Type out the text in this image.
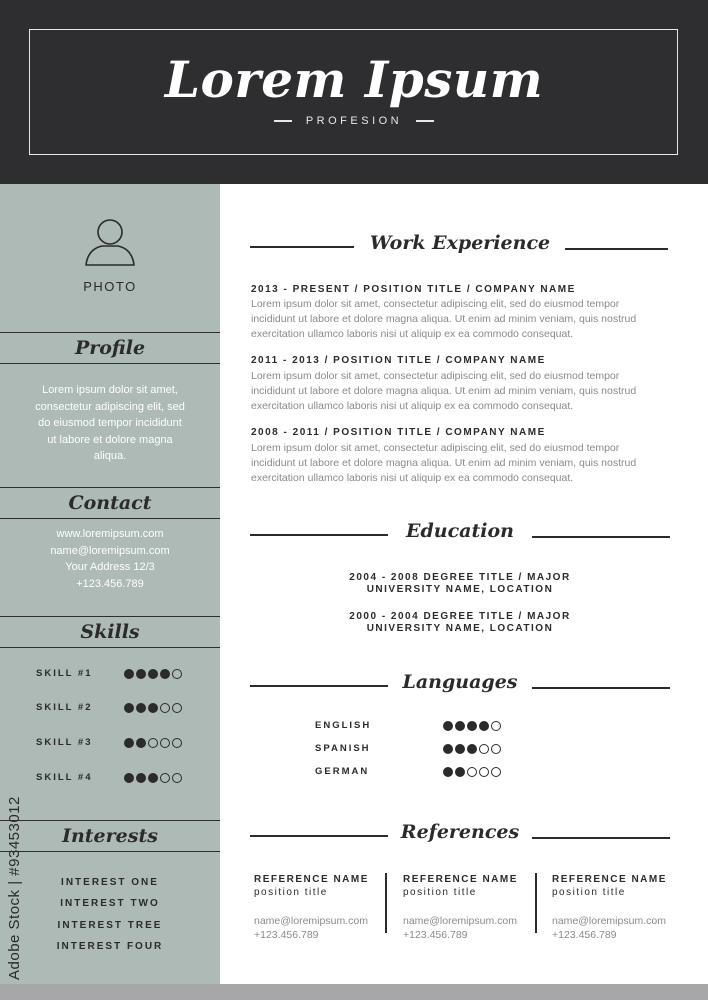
Lorem Ipsum
PROFESION
PHOTO
Profile
Lorem ipsum dolor sit amet,
consectetur adipiscing elit, sed
do eiusmod tempor incididunt
ut labore et dolore magna
aliqua.
Contact
www.loremipsum.com
name@loremipsum.com
Your Address 12/3
+123.456.789
Skills
SKILL #1
SKILL #2
SKILL #3
SKILL #4
Interests
INTEREST ONE
INTEREST TWO
INTEREST TREE
INTEREST FOUR
Work Experience
2013 - PRESENT / POSITION TITLE / COMPANY NAME
Lorem ipsum dolor sit amet, consectetur adipiscing elit, sed do eiusmod tempor
incididunt ut labore et dolore magna aliqua. Ut enim ad minim veniam, quis nostrud
exercitation ullamco laboris nisi ut aliquip ex ea commodo consequat.
2011 - 2013 / POSITION TITLE / COMPANY NAME
Lorem ipsum dolor sit amet, consectetur adipiscing elit, sed do eiusmod tempor
incididunt ut labore et dolore magna aliqua. Ut enim ad minim veniam, quis nostrud
exercitation ullamco laboris nisi ut aliquip ex ea commodo consequat.
2008 - 2011 / POSITION TITLE / COMPANY NAME
Lorem ipsum dolor sit amet, consectetur adipiscing elit, sed do eiusmod tempor
incididunt ut labore et dolore magna aliqua. Ut enim ad minim veniam, quis nostrud
exercitation ullamco laboris nisi ut aliquip ex ea commodo consequat.
Education
2004 - 2008 DEGREE TITLE / MAJOR
UNIVERSITY NAME, LOCATION
2000 - 2004 DEGREE TITLE / MAJOR
UNIVERSITY NAME, LOCATION
Languages
ENGLISH
SPANISH
GERMAN
References
REFERENCE NAME
position title
name@loremipsum.com
+123.456.789
REFERENCE NAME
position title
name@loremipsum.com
+123.456.789
REFERENCE NAME
position title
name@loremipsum.com
+123.456.789
Adobe Stock | #93453012
